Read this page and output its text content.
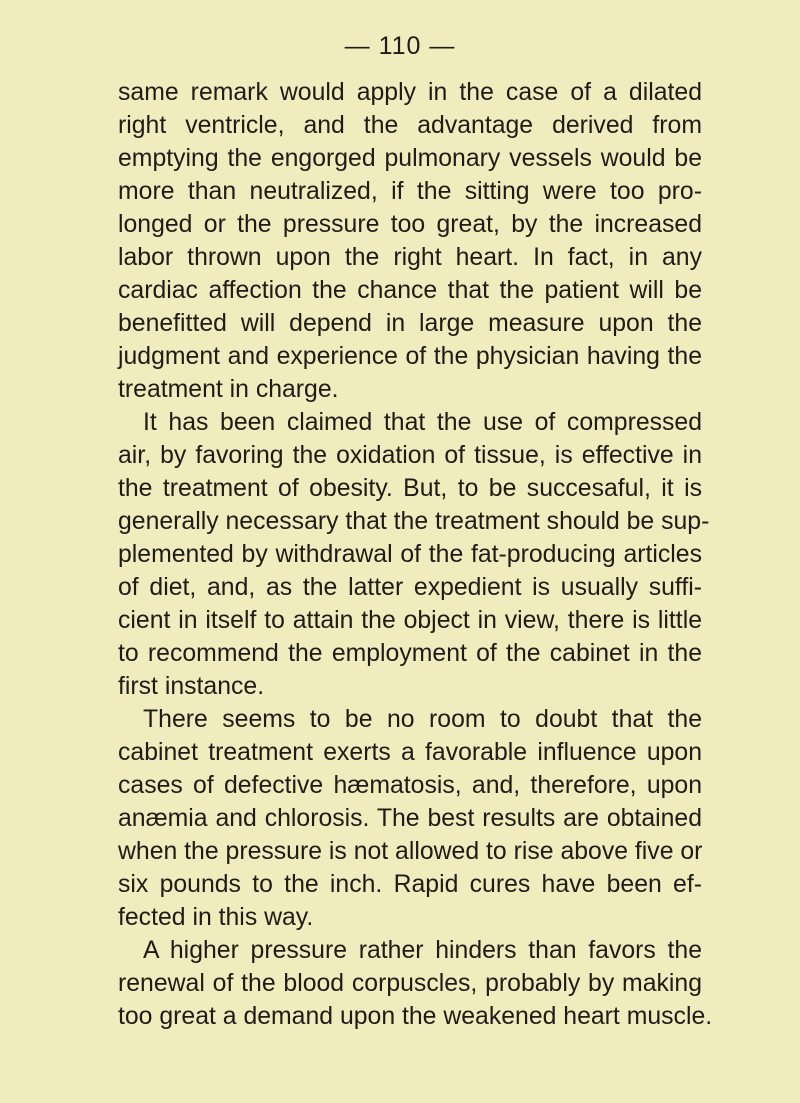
— 110 —
same remark would apply in the case of a dilated
right ventricle, and the advantage derived from
emptying the engorged pulmonary vessels would be
more than neutralized, if the sitting were too pro-
longed or the pressure too great, by the increased
labor thrown upon the right heart. In fact, in any
cardiac affection the chance that the patient will be
benefitted will depend in large measure upon the
judgment and experience of the physician having the
treatment in charge.
It has been claimed that the use of compressed
air, by favoring the oxidation of tissue, is effective in
the treatment of obesity. But, to be succesaful, it is
generally necessary that the treatment should be sup-
plemented by withdrawal of the fat-producing articles
of diet, and, as the latter expedient is usually suffi-
cient in itself to attain the object in view, there is little
to recommend the employment of the cabinet in the
first instance.
There seems to be no room to doubt that the
cabinet treatment exerts a favorable influence upon
cases of defective hæmatosis, and, therefore, upon
anæmia and chlorosis. The best results are obtained
when the pressure is not allowed to rise above five or
six pounds to the inch. Rapid cures have been ef-
fected in this way.
A higher pressure rather hinders than favors the
renewal of the blood corpuscles, probably by making
too great a demand upon the weakened heart muscle.
